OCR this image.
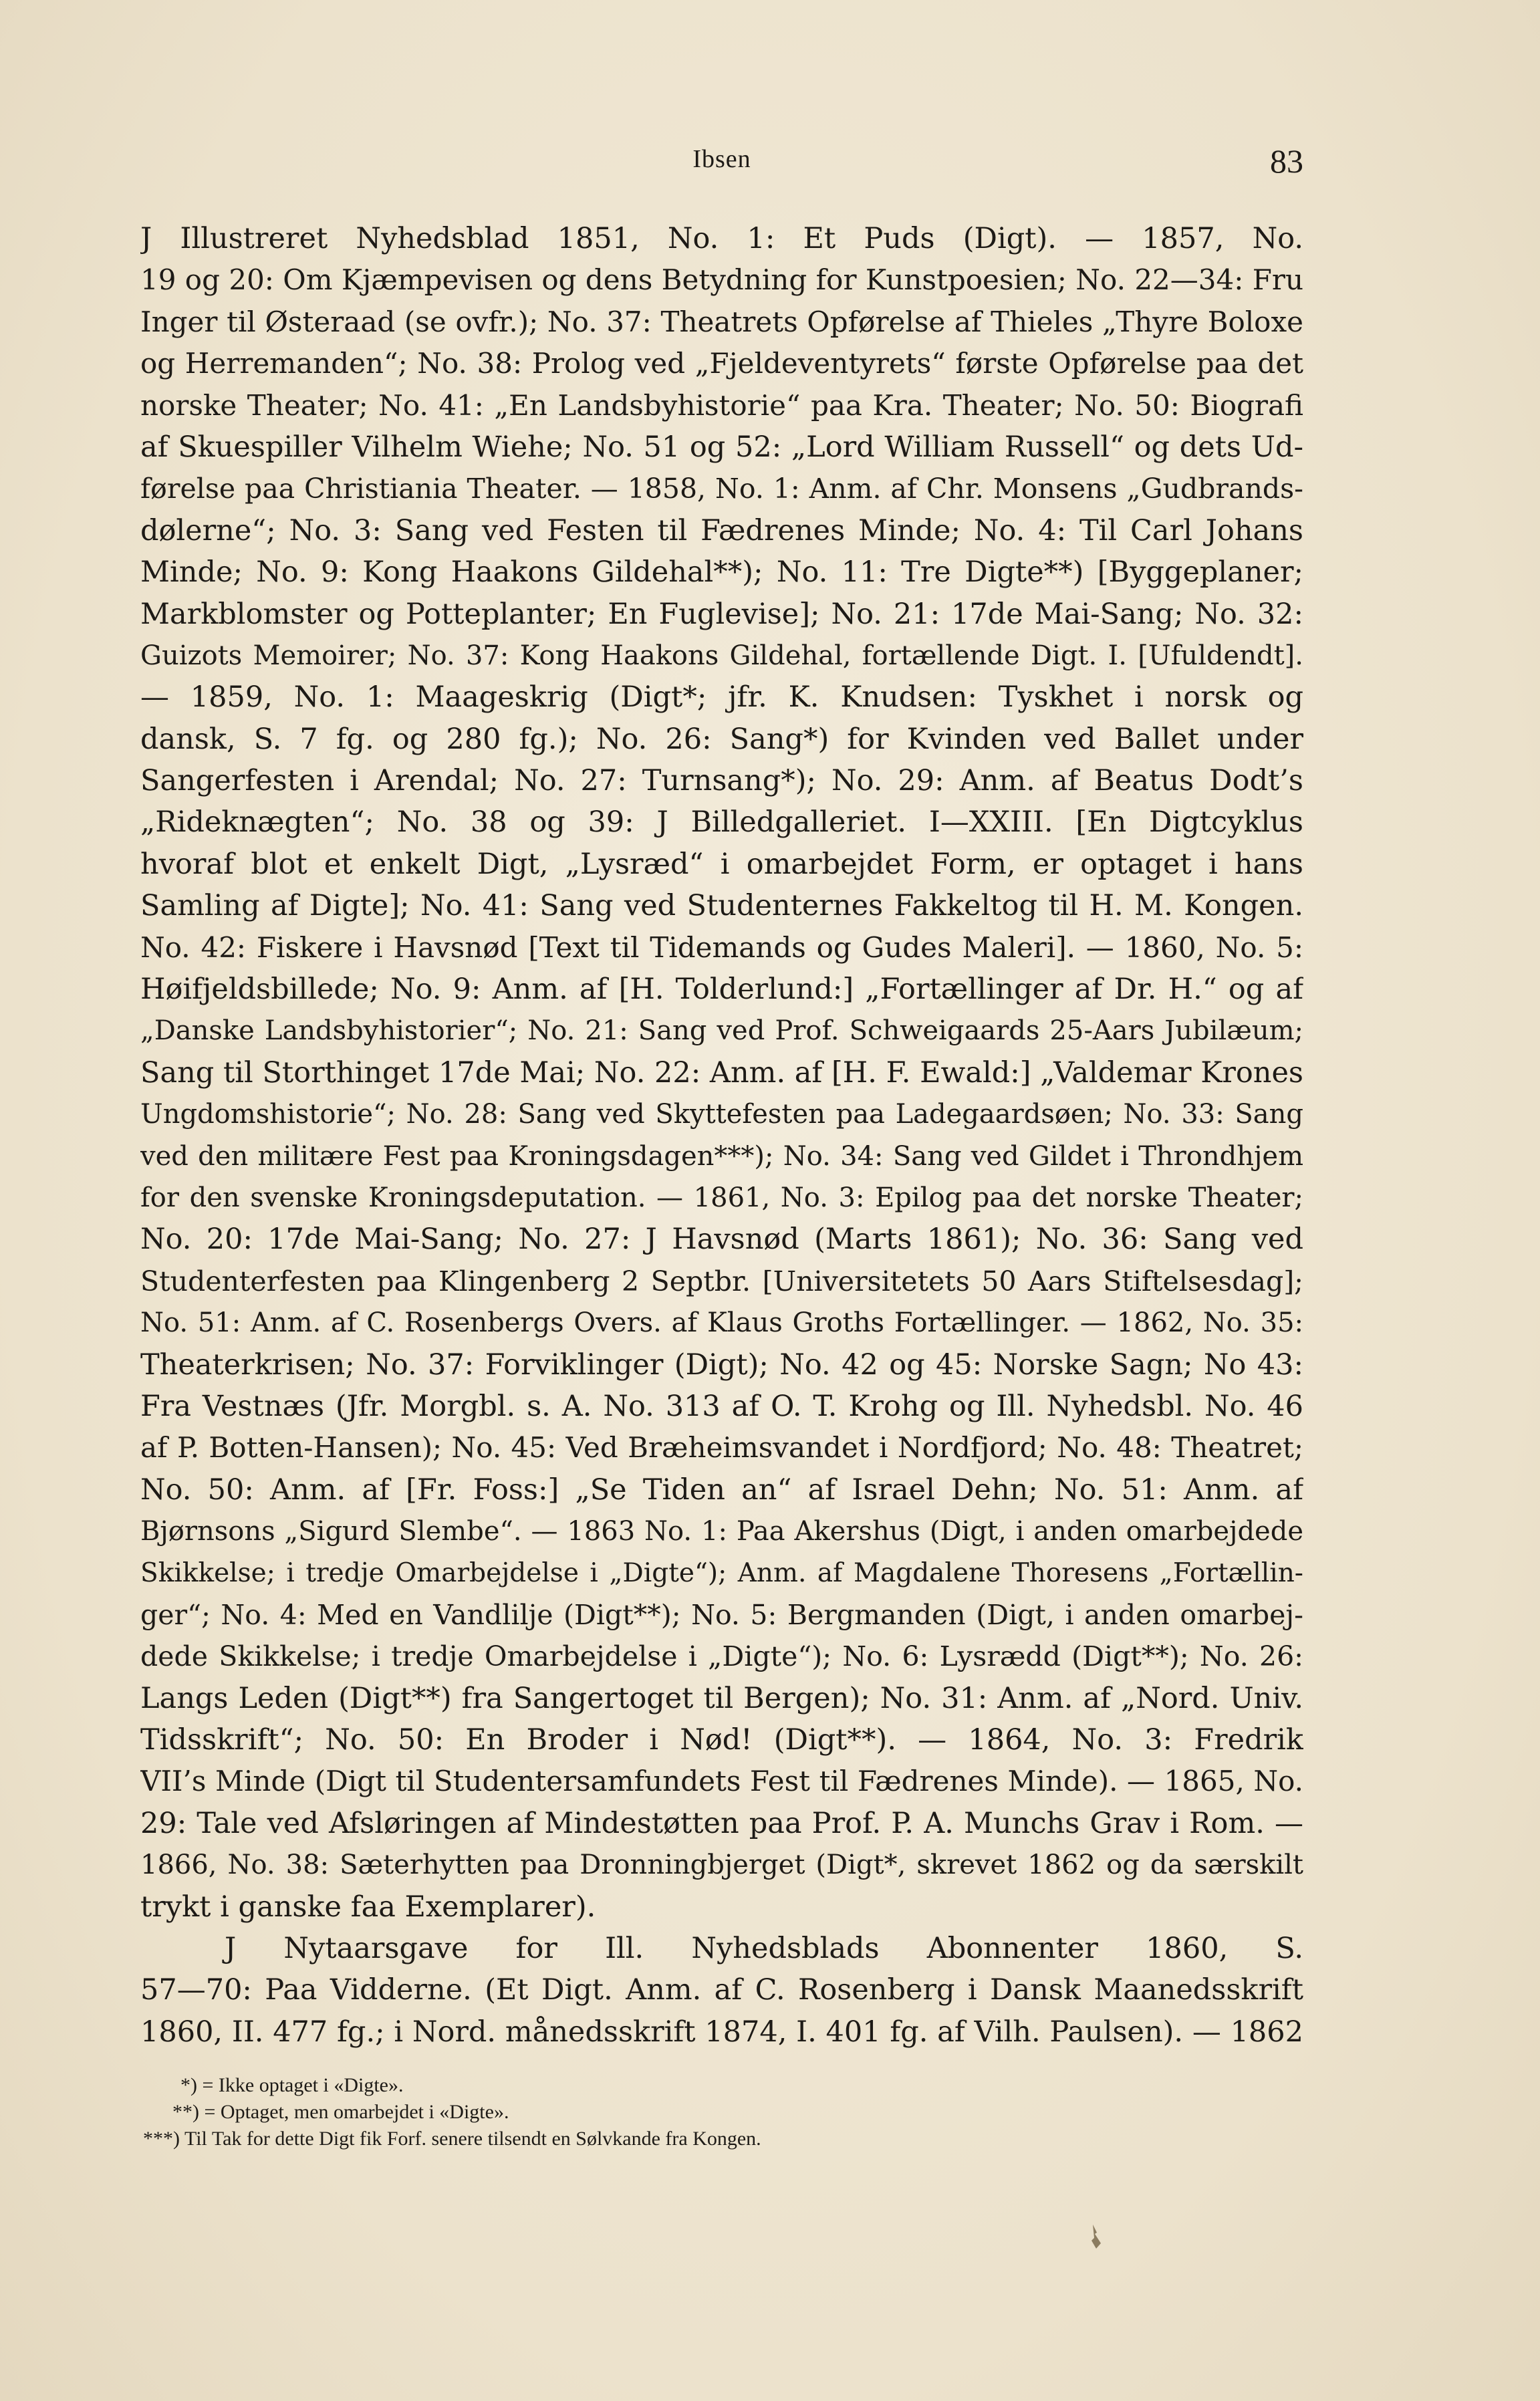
Ibsen	83
J Illustreret Nyhedsblad 1851, No. 1: Et Puds (Digt). — 1857, No.
19 og 20: Om Kjæmpevisen og dens Betydning for Kunstpoesien; No. 22—34: Fru
Inger til Østeraad (se ovfr.); No. 37: Theatrets Opførelse af Thieles „Thyre Boloxe
og Herremanden“; No. 38: Prolog ved „Fjeldeventyrets“ første Opførelse paa det
norske Theater; No. 41: „En Landsbyhistorie“ paa Kra. Theater; No. 50: Biografi
af Skuespiller Vilhelm Wiehe; No. 51 og 52: „Lord William Russell“ og dets Ud-
førelse paa Christiania Theater. — 1858, No. 1: Anm. af Chr. Monsens „Gudbrands-
dølerne“; No. 3: Sang ved Festen til Fædrenes Minde; No. 4: Til Carl Johans
Minde; No. 9: Kong Haakons Gildehal**); No. 11: Tre Digte**) [Byggeplaner;
Markblomster og Potteplanter; En Fuglevise]; No. 21: 17de Mai-Sang; No. 32:
Guizots Memoirer; No. 37: Kong Haakons Gildehal, fortællende Digt. I. [Ufuldendt].
— 1859, No. 1: Maageskrig (Digt*; jfr. K. Knudsen: Tyskhet i norsk og
dansk, S. 7 fg. og 280 fg.); No. 26: Sang*) for Kvinden ved Ballet under
Sangerfesten i Arendal; No. 27: Turnsang*); No. 29: Anm. af Beatus Dodt’s
„Rideknægten“; No. 38 og 39: J Billedgalleriet. I—XXIII. [En Digtcyklus
hvoraf blot et enkelt Digt, „Lysræd“ i omarbejdet Form, er optaget i hans
Samling af Digte]; No. 41: Sang ved Studenternes Fakkeltog til H. M. Kongen.
No. 42: Fiskere i Havsnød [Text til Tidemands og Gudes Maleri]. — 1860, No. 5:
Høifjeldsbillede; No. 9: Anm. af [H. Tolderlund:] „Fortællinger af Dr. H.“ og af
„Danske Landsbyhistorier“; No. 21: Sang ved Prof. Schweigaards 25-Aars Jubilæum;
Sang til Storthinget 17de Mai; No. 22: Anm. af [H. F. Ewald:] „Valdemar Krones
Ungdomshistorie“; No. 28: Sang ved Skyttefesten paa Ladegaardsøen; No. 33: Sang
ved den militære Fest paa Kroningsdagen***); No. 34: Sang ved Gildet i Throndhjem
for den svenske Kroningsdeputation. — 1861, No. 3: Epilog paa det norske Theater;
No. 20: 17de Mai-Sang; No. 27: J Havsnød (Marts 1861); No. 36: Sang ved
Studenterfesten paa Klingenberg 2 Septbr. [Universitetets 50 Aars Stiftelsesdag];
No. 51: Anm. af C. Rosenbergs Overs. af Klaus Groths Fortællinger. — 1862, No. 35:
Theaterkrisen; No. 37: Forviklinger (Digt); No. 42 og 45: Norske Sagn; No 43:
Fra Vestnæs (Jfr. Morgbl. s. A. No. 313 af O. T. Krohg og Ill. Nyhedsbl. No. 46
af P. Botten-Hansen); No. 45: Ved Bræheimsvandet i Nordfjord; No. 48: Theatret;
No. 50: Anm. af [Fr. Foss:] „Se Tiden an“ af Israel Dehn; No. 51: Anm. af
Bjørnsons „Sigurd Slembe“. — 1863 No. 1: Paa Akershus (Digt, i anden omarbejdede
Skikkelse; i tredje Omarbejdelse i „Digte“); Anm. af Magdalene Thoresens „Fortællin-
ger“; No. 4: Med en Vandlilje (Digt**); No. 5: Bergmanden (Digt, i anden omarbej-
dede Skikkelse; i tredje Omarbejdelse i „Digte“); No. 6: Lysrædd (Digt**); No. 26:
Langs Leden (Digt**) fra Sangertoget til Bergen); No. 31: Anm. af „Nord. Univ.
Tidsskrift“; No. 50: En Broder i Nød! (Digt**). — 1864, No. 3: Fredrik
VII’s Minde (Digt til Studentersamfundets Fest til Fædrenes Minde). — 1865, No.
29: Tale ved Afsløringen af Mindestøtten paa Prof. P. A. Munchs Grav i Rom. —
1866, No. 38: Sæterhytten paa Dronningbjerget (Digt*, skrevet 1862 og da særskilt
trykt i ganske faa Exemplarer).
J Nytaarsgave for Ill. Nyhedsblads Abonnenter 1860, S.
57—70: Paa Vidderne. (Et Digt. Anm. af C. Rosenberg i Dansk Maanedsskrift
1860, II. 477 fg.; i Nord. månedsskrift 1874, I. 401 fg. af Vilh. Paulsen). — 1862
*) = Ikke optaget i «Digte».
**) = Optaget, men omarbejdet i «Digte».
***) Til Tak for dette Digt fik Forf. senere tilsendt en Sølvkande fra Kongen.
